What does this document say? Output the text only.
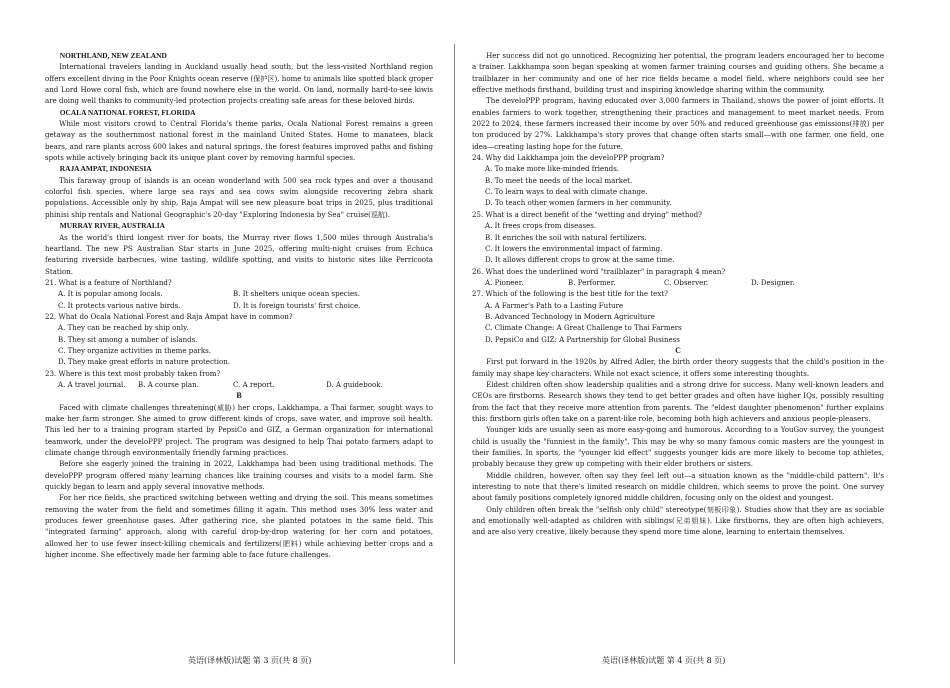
NORTHLAND, NEW ZEALAND

International travelers landing in Auckland usually head south, but the less-visited Northland region offers excellent diving in the Poor Knights ocean reserve (保护区), home to animals like spotted black groper and Lord Howe coral fish, which are found nowhere else in the world. On land, normally hard-to-see kiwis are doing well thanks to community-led protection projects creating safe areas for these beloved birds.

OCALA NATIONAL FOREST, FLORIDA

While most visitors crowd to Central Florida's theme parks, Ocala National Forest remains a green getaway as the southernmost national forest in the mainland United States. Home to manatees, black bears, and rare plants across 600 lakes and natural springs, the forest features improved paths and fishing spots while actively bringing back its unique plant cover by removing harmful species.

RAJA AMPAT, INDONESIA

This faraway group of islands is an ocean wonderland with 500 sea rock types and over a thousand colorful fish species, where large sea rays and sea cows swim alongside recovering zebra shark populations. Accessible only by ship, Raja Ampat will see new pleasure boat trips in 2025, plus traditional phinisi ship rentals and National Geographic's 20-day "Exploring Indonesia by Sea" cruise(巡航).

MURRAY RIVER, AUSTRALIA

As the world's third longest river for boats, the Murray river flows 1,500 miles through Australia's heartland. The new PS Australian Star starts in June 2025, offering multi-night cruises from Echuca featuring riverside barbecues, wine tasting, wildlife spotting, and visits to historic sites like Perricoota Station.

21. What is a feature of Northland?

A. It is popular among locals.	B. It shelters unique ocean species.
C. It protects various native birds.	D. It is foreign tourists' first choice.

22. What do Ocala National Forest and Raja Ampat have in common?

A. They can be reached by ship only.

B. They sit among a number of islands.

C. They organize activities in theme parks.

D. They make great efforts in nature protection.

23. Where is this text most probably taken from?

A. A travel journal.	B. A course plan.	C. A report.	D. A guidebook.

B

Faced with climate challenges threatening(威胁) her crops, Lakkhampa, a Thai farmer, sought ways to make her farm stronger. She aimed to grow different kinds of crops, save water, and improve soil health. This led her to a training program started by PepsiCo and GIZ, a German organization for international teamwork, under the develoPPP project. The program was designed to help Thai potato farmers adapt to climate change through environmentally friendly farming practices.

Before she eagerly joined the training in 2022, Lakkhampa had been using traditional methods. The develoPPP program offered many learning chances like training courses and visits to a model farm. She quickly began to learn and apply several innovative methods.

For her rice fields, she practiced switching between wetting and drying the soil. This means sometimes removing the water from the field and sometimes filling it again. This method uses 30% less water and produces fewer greenhouse gases. After gathering rice, she planted potatoes in the same field. This "integrated farming" approach, along with careful drop-by-drop watering for her corn and potatoes, allowed her to use fewer insect-killing chemicals and fertilizers(肥料) while achieving better crops and a higher income. She effectively made her farming able to face future challenges.

Her success did not go unnoticed. Recognizing her potential, the program leaders encouraged her to become a trainer. Lakkhampa soon began speaking at women farmer training courses and guiding others. She became a trailblazer in her community and one of her rice fields became a model field, where neighbors could see her effective methods firsthand, building trust and inspiring knowledge sharing within the community.

The develoPPP program, having educated over 3,000 farmers in Thailand, shows the power of joint efforts. It enables farmers to work together, strengthening their practices and management to meet market needs. From 2022 to 2024, these farmers increased their income by over 50% and reduced greenhouse gas emissions(排放) per ton produced by 27%. Lakkhampa's story proves that change often starts small—with one farmer, one field, one idea—creating lasting hope for the future.

24. Why did Lakkhampa join the develoPPP program?

A. To make more like-minded friends.

B. To meet the needs of the local market.

C. To learn ways to deal with climate change.

D. To teach other women farmers in her community.

25. What is a direct benefit of the "wetting and drying" method?

A. It frees crops from diseases.

B. It enriches the soil with natural fertilizers.

C. It lowers the environmental impact of farming.

D. It allows different crops to grow at the same time.

26. What does the underlined word "trailblazer" in paragraph 4 mean?

A. Pioneer.	B. Performer.	C. Observer.	D. Designer.

27. Which of the following is the best title for the text?

A. A Farmer's Path to a Lasting Future

B. Advanced Technology in Modern Agriculture

C. Climate Change: A Great Challenge to Thai Farmers

D. PepsiCo and GIZ: A Partnership for Global Business

C

First put forward in the 1920s by Alfred Adler, the birth order theory suggests that the child's position in the family may shape key characters. While not exact science, it offers some interesting thoughts.

Eldest children often show leadership qualities and a strong drive for success. Many well-known leaders and CEOs are firstborns. Research shows they tend to get better grades and often have higher IQs, possibly resulting from the fact that they receive more attention from parents. The "eldest daughter phenomenon" further explains this: firstborn girls often take on a parent-like role, becoming both high achievers and anxious people-pleasers.

Younger kids are usually seen as more easy-going and humorous. According to a YouGov survey, the youngest child is usually the "funniest in the family". This may be why so many famous comic masters are the youngest in their families. In sports, the "younger kid effect" suggests younger kids are more likely to become top athletes, probably because they grew up competing with their elder brothers or sisters.

Middle children, however, often say they feel left out—a situation known as the "middle-child pattern". It's interesting to note that there's limited research on middle children, which seems to prove the point. One survey about family positions completely ignored middle children, focusing only on the oldest and youngest.

Only children often break the "selfish only child" stereotype(刻板印象). Studies show that they are as sociable and emotionally well-adapted as children with siblings(兄弟姐妹). Like firstborns, they are often high achievers, and are also very creative, likely because they spend more time alone, learning to entertain themselves.

英语(译林版)试题 第 3 页(共 8 页)	英语(译林版)试题 第 4 页(共 8 页)
